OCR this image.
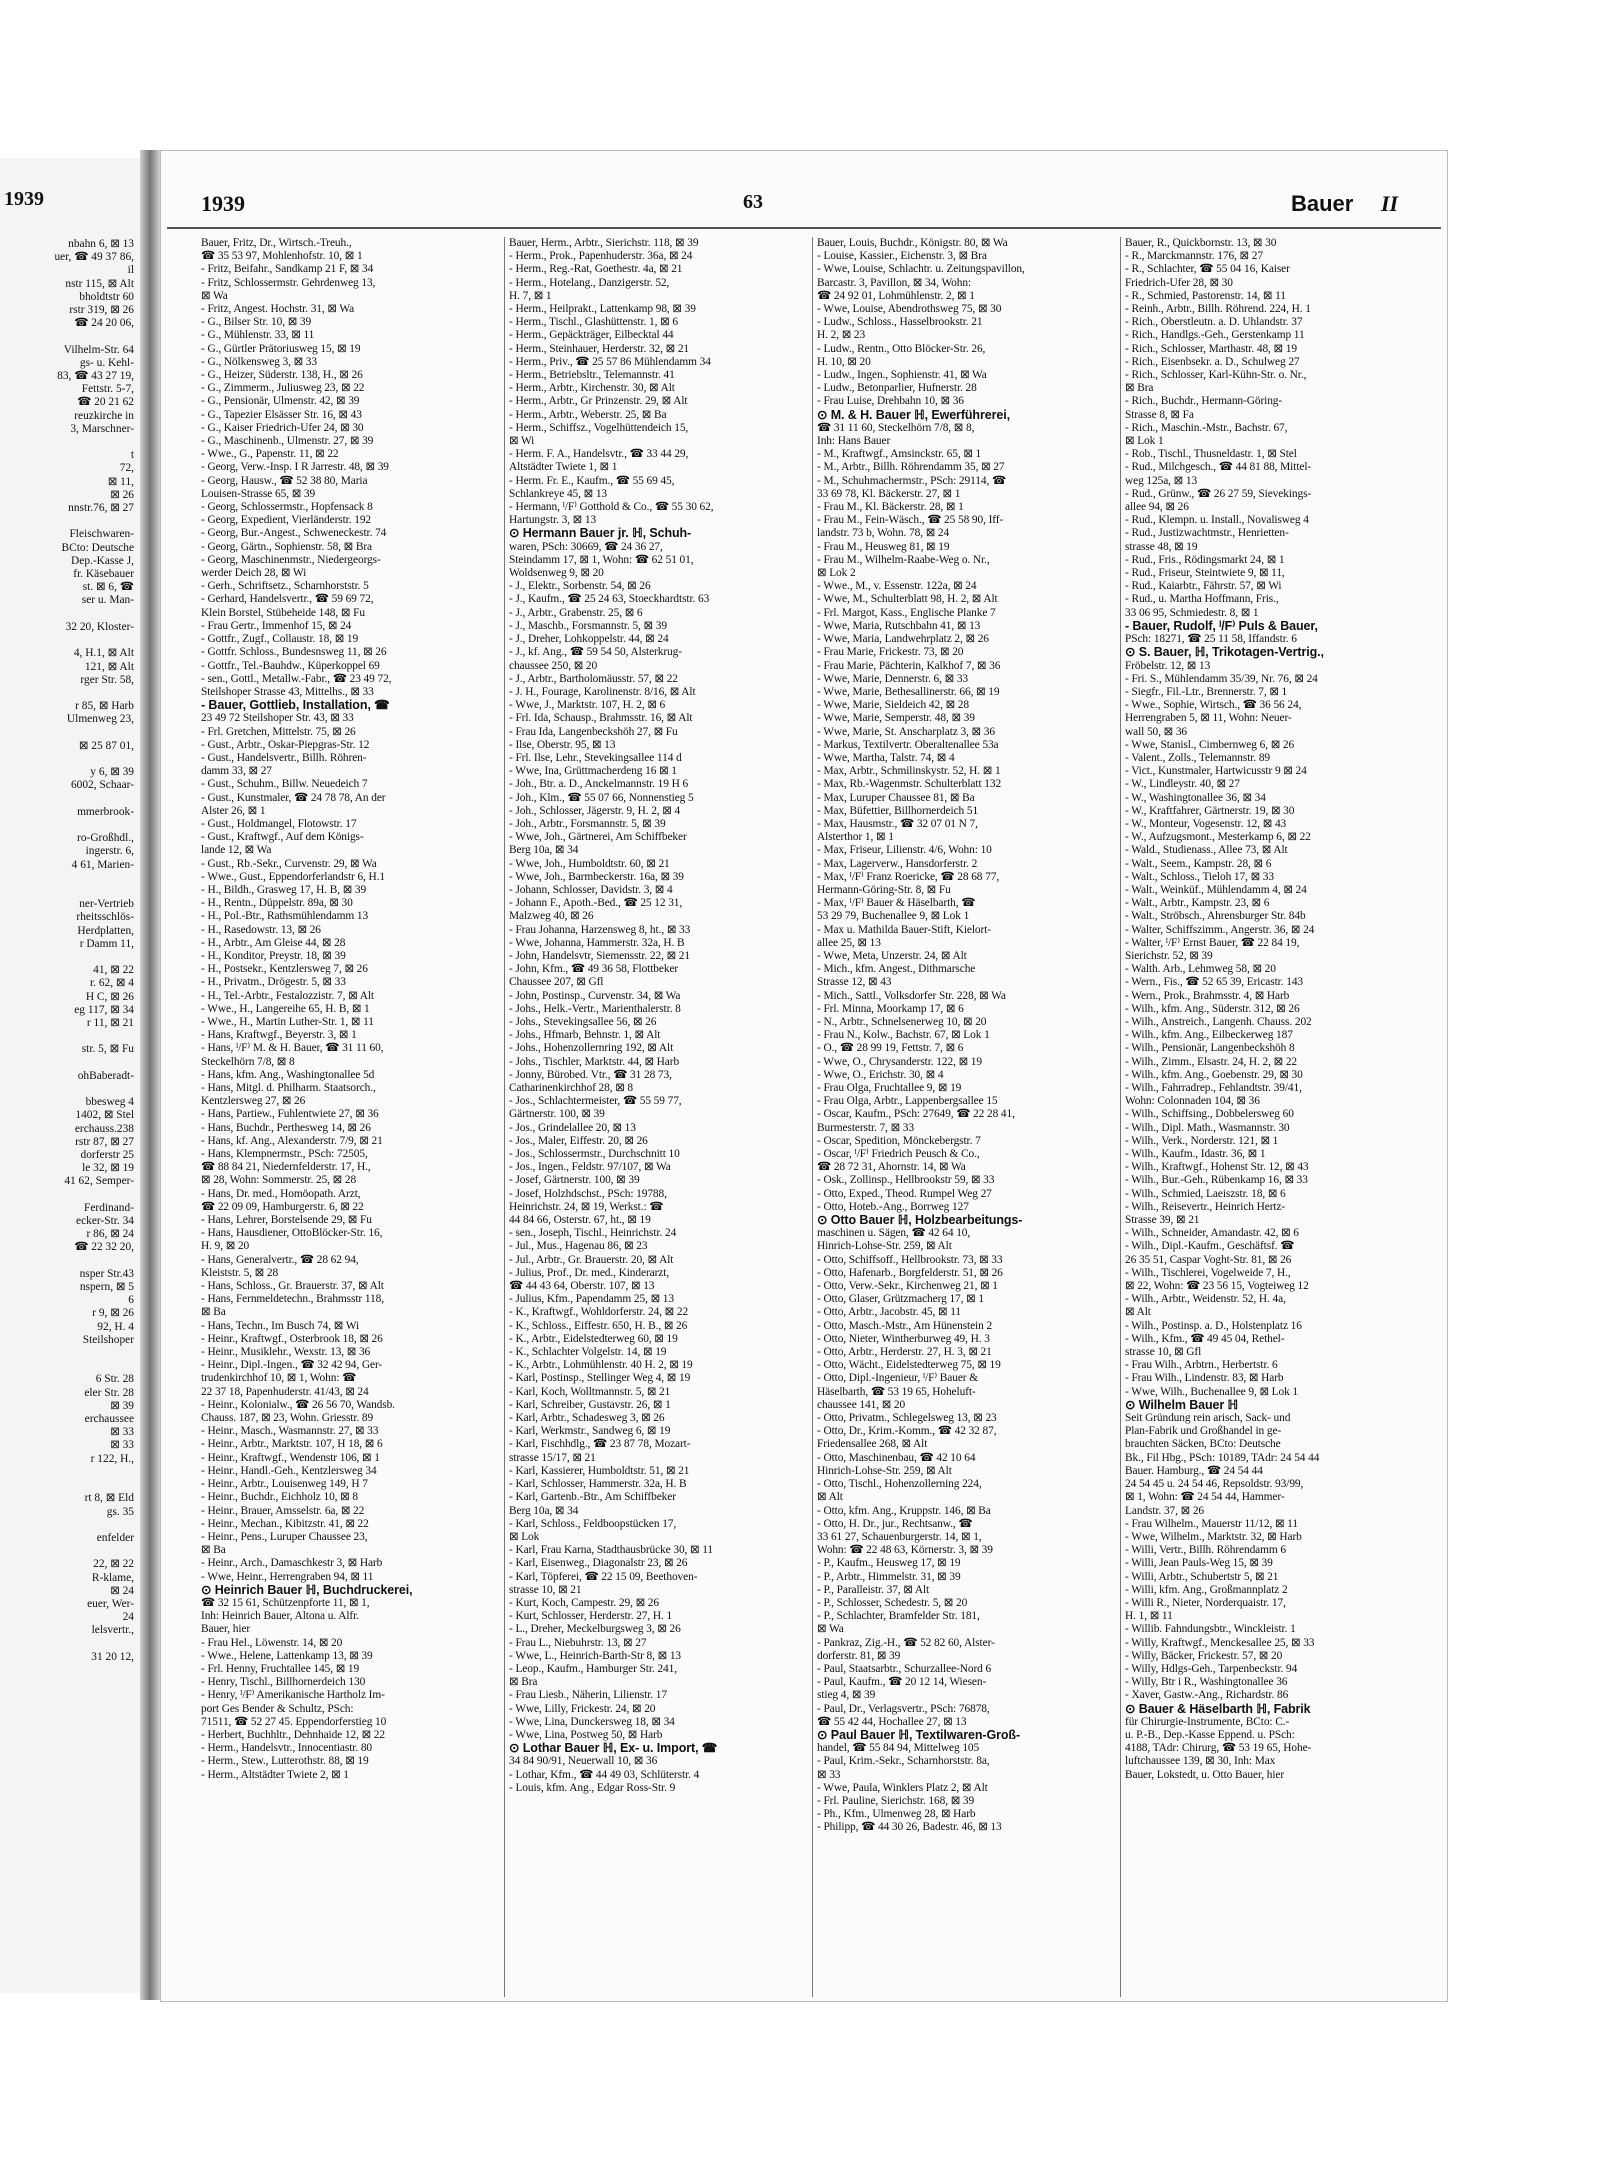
1939
nbahn 6, ⊠ 13
uer, ☎ 49 37 86,
il
nstr 115, ⊠ Alt
bholdtstr 60
rstr 319, ⊠ 26
☎ 24 20 06,

Vilhelm-Str. 64
gs- u. Kehl-
83, ☎ 43 27 19,
Fettstr. 5-7,
☎ 20 21 62
reuzkirche in
3, Marschner-

t
72,
⊠ 11,
⊠ 26
nnstr.76, ⊠ 27

Fleischwaren-
BCto: Deutsche
Dep.-Kasse J,
fr. Käsebauer
st. ⊠ 6, ☎
ser u. Man-

32 20, Kloster-

4, H.1, ⊠ Alt
121, ⊠ Alt
rger Str. 58,

r 85, ⊠ Harb
Ulmenweg 23,

⊠ 25 87 01,

y 6, ⊠ 39
6002, Schaar-

mmerbrook-

ro-Großhdl.,
ingerstr. 6,
4 61, Marien-

ner-Vertrieb
rheitsschlös-
Herdplatten,
r Damm 11,

41, ⊠ 22
r. 62, ⊠ 4
H C, ⊠ 26
eg 117, ⊠ 34
r 11, ⊠ 21

str. 5, ⊠ Fu

ohBaberadt-

bbesweg 4
1402, ⊠ Stel
erchauss.238
rstr 87, ⊠ 27
dorferstr 25
le 32, ⊠ 19
41 62, Semper-

Ferdinand-
ecker-Str. 34
r 86, ⊠ 24
☎ 22 32 20,

nsper Str.43
nspern, ⊠ 5
6
r 9, ⊠ 26
92, H. 4
Steilshoper

6 Str. 28
eler Str. 28
⊠ 39
erchaussee
⊠ 33
⊠ 33
r 122, H.,

rt 8, ⊠ Eld
gs. 35

enfelder

22, ⊠ 22
R-klame,
⊠ 24
euer, Wer-
24
lelsvertr.,

31 20 12,
1939	63	Bauer II
Bauer, Fritz, Dr., Wirtsch.-Treuh.,
☎ 35 53 97, Mohlenhofstr. 10, ⊠ 1
- Fritz, Beifahr., Sandkamp 21 F, ⊠ 34
- Fritz, Schlosserm​str. Gehrdenweg 13,
⊠ Wa
- Fritz, Angest. Hochstr. 31, ⊠ Wa
- G., Bilser Str. 10, ⊠ 39
- G., Mühlenstr. 33, ⊠ 11
- G., Gürtler Prätoriusweg 15, ⊠ 19
- G., Nölkensweg 3, ⊠ 33
- G., Heizer, Süderstr. 138, H., ⊠ 26
- G., Zimmerm., Juliusweg 23, ⊠ 22
- G., Pensionär, Ulmenstr. 42, ⊠ 39
- G., Tapezier Elsässer Str. 16, ⊠ 43
- G., Kaiser Friedrich-Ufer 24, ⊠ 30
- G., Maschinenb., Ulmenstr. 27, ⊠ 39
- Wwe., G., Papenstr. 11, ⊠ 22
- Georg, Verw.-Insp. I R Jarrestr. 48, ⊠ 39
- Georg, Hausw., ☎ 52 38 80, Maria
Louisen-Strasse 65, ⊠ 39
- Georg, Schlossermstr., Hopfensack 8
- Georg, Expedient, Vierländerstr. 192
- Georg, Bur.-Angest., Schweneckestr. 74
- Georg, Gärtn., Sophienstr. 58, ⊠ Bra
- Georg, Maschinenmstr., Niedergeorgs-
werder Deich 28, ⊠ Wi
- Gerh., Schriftsetz., Scharnhorststr. 5
- Gerhard, Handelsvertr., ☎ 59 69 72,
Klein Borstel, Stübeheide 148, ⊠ Fu
- Frau Gertr., Immenhof 15, ⊠ 24
- Gottfr., Zugf., Collaustr. 18, ⊠ 19
- Gottfr. Schloss., Bundesnsweg 11, ⊠ 26
- Gottfr., Tel.-Bauhdw., Küperkoppel 69
- sen., Gottl., Metallw.-Fabr., ☎ 23 49 72,
Steilshoper Strasse 43, Mittelhs., ⊠ 33
- Bauer, Gottlieb, Installation, ☎
23 49 72 Steilshoper Str. 43, ⊠ 33
- Frl. Gretchen, Mittelstr. 75, ⊠ 26
- Gust., Arbtr., Oskar-Piepgras-Str. 12
- Gust., Handelsvertr., Billh. Röhren-
damm 33, ⊠ 27
- Gust., Schuhm., Billw. Neuedeich 7
- Gust., Kunstmaler, ☎ 24 78 78, An der
Alster 26, ⊠ 1
- Gust., Holdmangel, Flotowstr. 17
- Gust., Kraftwgf., Auf dem Königs-
lande 12, ⊠ Wa
- Gust., Rb.-Sekr., Curvenstr. 29, ⊠ Wa
- Wwe., Gust., Eppendorferlandstr 6, H.1
- H., Bildh., Grasweg 17, H. B, ⊠ 39
- H., Rentn., Düppelstr. 89a, ⊠ 30
- H., Pol.-Btr., Rathsmühlendamm 13
- H., Rasedowstr. 13, ⊠ 26
- H., Arbtr., Am Gleise 44, ⊠ 28
- H., Konditor, Preystr. 18, ⊠ 39
- H., Postsekr., Kentzlersweg 7, ⊠ 26
- H., Privatm., Drögestr. 5, ⊠ 33
- H., Tel.-Arbtr., Festalozzistr. 7, ⊠ Alt
- Wwe., H., Langereihe 65, H. B, ⊠ 1
- Wwe., H., Martin Luther-Str. 1, ⊠ 11
- Hans, Kraftwgf., Beyerstr. 3, ⊠ 1
- Hans, ᴵ/F⁾ M. & H. Bauer, ☎ 31 11 60,
Steckelhörn 7/8, ⊠ 8
- Hans, kfm. Ang., Washingtonallee 5d
- Hans, Mitgl. d. Philharm. Staatsorch.,
Kentzlersweg 27, ⊠ 26
- Hans, Partiew., Fuhlentwiete 27, ⊠ 36
- Hans, Buchdr., Perthesweg 14, ⊠ 26
- Hans, kf. Ang., Alexanderstr. 7/9, ⊠ 21
- Hans, Klempnermstr., PSch: 72505,
☎ 88 84 21, Niedernfelderstr. 17, H.,
⊠ 28, Wohn: Sommerstr. 25, ⊠ 28
- Hans, Dr. med., Homöopath. Arzt,
☎ 22 09 09, Hamburgerstr. 6, ⊠ 22
- Hans, Lehrer, Borstelsende 29, ⊠ Fu
- Hans, Hausdiener, OttoBlöcker-Str. 16,
H. 9, ⊠ 20
- Hans, Generalvertr., ☎ 28 62 94,
Kleiststr. 5, ⊠ 28
- Hans, Schloss., Gr. Brauerstr. 37, ⊠ Alt
- Hans, Fernmeldetechn., Brahmsstr 118,
⊠ Ba
- Hans, Techn., Im Busch 74, ⊠ Wi
- Heinr., Kraftwgf., Osterbrook 18, ⊠ 26
- Heinr., Musiklehr., Wexstr. 13, ⊠ 36
- Heinr., Dipl.-Ingen., ☎ 32 42 94, Ger-
trudenkirchhof 10, ⊠ 1, Wohn: ☎
22 37 18, Papenhuderstr. 41/43, ⊠ 24
- Heinr., Kolonialw., ☎ 26 56 70, Wandsb.
Chauss. 187, ⊠ 23, Wohn. Griesstr. 89
- Heinr., Masch., Wasmannstr. 27, ⊠ 33
- Heinr., Arbtr., Marktstr. 107, H 18, ⊠ 6
- Heinr., Kraftwgf., Wendenstr 106, ⊠ 1
- Heinr., Handl.-Geh., Kentzlersweg 34
- Heinr., Arbtr., Louisenweg 149, H 7
- Heinr., Buchdr., Eichholz 10, ⊠ 8
- Heinr., Brauer, Amsselstr. 6a, ⊠ 22
- Heinr., Mechan., Kibitzstr. 41, ⊠ 22
- Heinr., Pens., Luruper Chaussee 23,
⊠ Ba
- Heinr., Arch., Damaschkestr 3, ⊠ Harb
- Wwe, Heinr., Herrengraben 94, ⊠ 11
⊙ Heinrich Bauer ℍ, Buchdruckerei,
☎ 32 15 61, Schützenpforte 11, ⊠ 1,
Inh: Heinrich Bauer, Altona u. Alfr.
Bauer, hier
- Frau Hel., Löwenstr. 14, ⊠ 20
- Wwe., Helene, Lattenkamp 13, ⊠ 39
- Frl. Henny, Fruchtallee 145, ⊠ 19
- Henry, Tischl., Billhornerdeich 130
- Henry, ᴵ/F⁾ Amerikanische Hartholz Im-
port Ges Bender & Schultz, PSch:
71511, ☎ 52 27 45. Eppendorferstieg 10
- Herbert, Buchhltr., Dehnhaide 12, ⊠ 22
- Herm., Handelsvtr., Innocentiastr. 80
- Herm., Stew., Lutterothstr. 88, ⊠ 19
- Herm., Altstädter Twiete 2, ⊠ 1
Bauer, Herm., Arbtr., Sierichstr. 118, ⊠ 39
- Herm., Prok., Papenhuderstr. 36a, ⊠ 24
- Herm., Reg.-Rat, Goethestr. 4a, ⊠ 21
- Herm., Hotelang., Danzigerstr. 52,
H. 7, ⊠ 1
- Herm., Heilprakt., Lattenkamp 98, ⊠ 39
- Herm., Tischl., Glashüttenstr. 1, ⊠ 6
- Herm., Gepäckträger, Eilbecktal 44
- Herm., Steinhauer, Herderstr. 32, ⊠ 21
- Herm., Priv., ☎ 25 57 86 Mühlendamm 34
- Herm., Betriebsltr., Telemannstr. 41
- Herm., Arbtr., Kirchenstr. 30, ⊠ Alt
- Herm., Arbtr., Gr Prinzenstr. 29, ⊠ Alt
- Herm., Arbtr., Weberstr. 25, ⊠ Ba
- Herm., Schiffsz., Vogelhüttendeich 15,
⊠ Wi
- Herm. F. A., Handelsvtr., ☎ 33 44 29,
Altstädter Twiete 1, ⊠ 1
- Herm. Fr. E., Kaufm., ☎ 55 69 45,
Schlankreye 45, ⊠ 13
- Hermann, ᴵ/F⁾ Gotthold & Co., ☎ 55 30 62,
Hartungstr. 3, ⊠ 13
⊙ Hermann Bauer jr. ℍ, Schuh-
waren, PSch: 30669, ☎ 24 36 27,
Steindamm 17, ⊠ 1, Wohn: ☎ 62 51 01,
Woldsenweg 9, ⊠ 20
- J., Elektr., Sorbenstr. 54, ⊠ 26
- J., Kaufm., ☎ 25 24 63, Stoeckhardtstr. 63
- J., Arbtr., Grabenstr. 25, ⊠ 6
- J., Maschb., Forsmannstr. 5, ⊠ 39
- J., Dreher, Lohkoppelstr. 44, ⊠ 24
- J., kf. Ang., ☎ 59 54 50, Alsterkrug-
chaussee 250, ⊠ 20
- J., Arbtr., Bartholomäusstr. 57, ⊠ 22
- J. H., Fourage, Karolinenstr. 8/16, ⊠ Alt
- Wwe, J., Marktstr. 107, H. 2, ⊠ 6
- Frl. Ida, Schausp., Brahmsstr. 16, ⊠ Alt
- Frau Ida, Langenbeckshöh 27, ⊠ Fu
- Ilse, Oberstr. 95, ⊠ 13
- Frl. Ilse, Lehr., Stevekingsallee 114 d
- Wwe, Ina, Grüttmacherdeng 16 ⊠ 1
- Joh., Btr. a. D., Anckelmannstr. 19 H 6
- Joh., Klm., ☎ 55 07 66, Nonnenstieg 5
- Joh., Schlosser, Jägerstr. 9, H. 2, ⊠ 4
- Joh., Arbtr., Forsmannstr. 5, ⊠ 39
- Wwe, Joh., Gärtnerei, Am Schiffbeker
Berg 10a, ⊠ 34
- Wwe, Joh., Humboldtstr. 60, ⊠ 21
- Wwe, Joh., Barmbeckerstr. 16a, ⊠ 39
- Johann, Schlosser, Davidstr. 3, ⊠ 4
- Johann F., Apoth.-Bed., ☎ 25 12 31,
Malzweg 40, ⊠ 26
- Frau Johanna, Harzensweg 8, ht., ⊠ 33
- Wwe, Johanna, Hammerstr. 32a, H. B
- John, Handelsvtr, Siemensstr. 22, ⊠ 21
- John, Kfm., ☎ 49 36 58, Flottbeker
Chaussee 207, ⊠ Gfl
- John, Postinsp., Curvenstr. 34, ⊠ Wa
- Johs., Helk.-Vertr., Marienthalerstr. 8
- Johs., Stevekingsallee 56, ⊠ 26
- Johs., Hfmarb, Behnstr. 1, ⊠ Alt
- Johs., Hohenzollernring 192, ⊠ Alt
- Johs., Tischler, Marktstr. 44, ⊠ Harb
- Jonny, Bürobed. Vtr., ☎ 31 28 73,
Catharinenkirchhof 28, ⊠ 8
- Jos., Schlachtermeister, ☎ 55 59 77,
Gärtnerstr. 100, ⊠ 39
- Jos., Grindelallee 20, ⊠ 13
- Jos., Maler, Eiffestr. 20, ⊠ 26
- Jos., Schlossermstr., Durchschnitt 10
- Jos., Ingen., Feldstr. 97/107, ⊠ Wa
- Josef, Gärtnerstr. 100, ⊠ 39
- Josef, Holzhdschst., PSch: 19788,
Heinrichstr. 24, ⊠ 19, Werkst.: ☎
44 84 66, Osterstr. 67, ht., ⊠ 19
- sen., Joseph, Tischl., Heinrichstr. 24
- Jul., Mus., Hagenau 86, ⊠ 23
- Jul., Arbtr., Gr. Brauerstr. 20, ⊠ Alt
- Julius, Prof., Dr. med., Kinderarzt,
☎ 44 43 64, Oberstr. 107, ⊠ 13
- Julius, Kfm., Papendamm 25, ⊠ 13
- K., Kraftwgf., Wohldorferstr. 24, ⊠ 22
- K., Schloss., Eiffestr. 650, H. B., ⊠ 26
- K., Arbtr., Eidelstedterweg 60, ⊠ 19
- K., Schlachter Volgelstr. 14, ⊠ 19
- K., Arbtr., Lohmühlenstr. 40 H. 2, ⊠ 19
- Karl, Postinsp., Stellinger Weg 4, ⊠ 19
- Karl, Koch, Wolltmannstr. 5, ⊠ 21
- Karl, Schreiber, Gustavstr. 26, ⊠ 1
- Karl, Arbtr., Schadesweg 3, ⊠ 26
- Karl, Werkmstr., Sandweg 6, ⊠ 19
- Karl, Fischhdlg., ☎ 23 87 78, Mozart-
strasse 15/17, ⊠ 21
- Karl, Kassierer, Humboldtstr. 51, ⊠ 21
- Karl, Schlosser, Hammerstr. 32a, H. B
- Karl, Gartenb.-Btr., Am Schiffbeker
Berg 10a, ⊠ 34
- Karl, Schloss., Feldboopstücken 17,
⊠ Lok
- Karl, Frau Karna, Stadthausbrücke 30, ⊠ 11
- Karl, Eisenweg., Diagonalstr 23, ⊠ 26
- Karl, Töpferei, ☎ 22 15 09, Beethoven-
strasse 10, ⊠ 21
- Kurt, Koch, Campestr. 29, ⊠ 26
- Kurt, Schlosser, Herderstr. 27, H. 1
- L., Dreher, Meckelburgsweg 3, ⊠ 26
- Frau L., Niebuhrstr. 13, ⊠ 27
- Wwe, L., Heinrich-Barth-Str 8, ⊠ 13
- Leop., Kaufm., Hamburger Str. 241,
⊠ Bra
- Frau Liesb., Näherin, Lilienstr. 17
- Wwe, Lilly, Frickestr. 24, ⊠ 20
- Wwe, Lina, Dunckersweg 18, ⊠ 34
- Wwe, Lina, Postweg 50, ⊠ Harb
⊙ Lothar Bauer ℍ, Ex- u. Import, ☎
34 84 90/91, Neuerwall 10, ⊠ 36
- Lothar, Kfm., ☎ 44 49 03, Schlüterstr. 4
- Louis, kfm. Ang., Edgar Ross-Str. 9
Bauer, Louis, Buchdr., Königstr. 80, ⊠ Wa
- Louise, Kassier., Eichenstr. 3, ⊠ Bra
- Wwe, Louise, Schlachtr. u. Zeitungspavillon,
Barcastr. 3, Pavillon, ⊠ 34, Wohn:
☎ 24 92 01, Lohmühlenstr. 2, ⊠ 1
- Wwe, Louise, Abendrothsweg 75, ⊠ 30
- Ludw., Schloss., Hasselbrookstr. 21
H. 2, ⊠ 23
- Ludw., Rentn., Otto Blöcker-Str. 26,
H. 10, ⊠ 20
- Ludw., Ingen., Sophienstr. 41, ⊠ Wa
- Ludw., Betonparlier, Hufnerstr. 28
- Frau Luise, Drehbahn 10, ⊠ 36
⊙ M. & H. Bauer ℍ, Ewerführerei,
☎ 31 11 60, Steckelhörn 7/8, ⊠ 8,
Inh: Hans Bauer
- M., Kraftwgf., Amsinckstr. 65, ⊠ 1
- M., Arbtr., Billh. Röhrendamm 35, ⊠ 27
- M., Schuhmachermstr., PSch: 29114, ☎
33 69 78, Kl. Bäckerstr. 27, ⊠ 1
- Frau M., Kl. Bäckerstr. 28, ⊠ 1
- Frau M., Fein-Wäsch., ☎ 25 58 90, Iff-
landstr. 73 b, Wohn. 78, ⊠ 24
- Frau M., Heusweg 81, ⊠ 19
- Frau M., Wilhelm-Raabe-Weg o. Nr.,
⊠ Lok 2
- Wwe., M., v. Essenstr. 122a, ⊠ 24
- Wwe, M., Schulterblatt 98, H. 2, ⊠ Alt
- Frl. Margot, Kass., Englische Planke 7
- Wwe, Maria, Rutschbahn 41, ⊠ 13
- Wwe, Maria, Landwehrplatz 2, ⊠ 26
- Frau Marie, Frickestr. 73, ⊠ 20
- Frau Marie, Pächterin, Kalkhof 7, ⊠ 36
- Wwe, Marie, Dennerstr. 6, ⊠ 33
- Wwe, Marie, Bethesallinerstr. 66, ⊠ 19
- Wwe, Marie, Sieldeich 42, ⊠ 28
- Wwe, Marie, Semperstr. 48, ⊠ 39
- Wwe, Marie, St. Anscharplatz 3, ⊠ 36
- Markus, Textilvertr. Oberaltenallee 53a
- Wwe, Martha, Talstr. 74, ⊠ 4
- Max, Arbtr., Schmilinskystr. 52, H. ⊠ 1
- Max, Rb.-Wagenmstr. Schulterblatt 132
- Max, Luruper Chaussee 81, ⊠ Ba
- Max, Büfettier, Billhornerdeich 51
- Max, Hausmstr., ☎ 32 07 01 N 7,
Alsterthor 1, ⊠ 1
- Max, Friseur, Lilienstr. 4/6, Wohn: 10
- Max, Lagerverw., Hansdorferstr. 2
- Max, ᴵ/F⁾ Franz Roericke, ☎ 28 68 77,
Hermann-Göring-Str. 8, ⊠ Fu
- Max, ᴵ/F⁾ Bauer & Häselbarth, ☎
53 29 79, Buchenallee 9, ⊠ Lok 1
- Max u. Mathilda Bauer-Stift, Kielort-
allee 25, ⊠ 13
- Wwe, Meta, Unzerstr. 24, ⊠ Alt
- Mich., kfm. Angest., Dithmarsche
Strasse 12, ⊠ 43
- Mich., Sattl., Volksdorfer Str. 228, ⊠ Wa
- Frl. Minna, Moorkamp 17, ⊠ 6
- N., Arbtr., Schnelsenerweg 10, ⊠ 20
- Frau N., Kolw., Bachstr. 67, ⊠ Lok 1
- O., ☎ 28 99 19, Fettstr. 7, ⊠ 6
- Wwe, O., Chrysanderstr. 122, ⊠ 19
- Wwe, O., Erichstr. 30, ⊠ 4
- Frau Olga, Fruchtallee 9, ⊠ 19
- Frau Olga, Arbtr., Lappenbergsallee 15
- Oscar, Kaufm., PSch: 27649, ☎ 22 28 41,
Burmesterstr. 7, ⊠ 33
- Oscar, Spedition, Mönckebergstr. 7
- Oscar, ᴵ/F⁾ Friedrich Peusch & Co.,
☎ 28 72 31, Ahornstr. 14, ⊠ Wa
- Osk., Zollinsp., Hellbrookstr 59, ⊠ 33
- Otto, Exped., Theod. Rumpel Weg 27
- Otto, Hoteb.-Ang., Borrweg 127
⊙ Otto Bauer ℍ, Holzbearbeitungs-
maschinen u. Sägen, ☎ 42 64 10,
Hinrich-Lohse-Str. 259, ⊠ Alt
- Otto, Schiffsoff., Hellbrookstr. 73, ⊠ 33
- Otto, Hafenarb., Borgfelderstr. 51, ⊠ 26
- Otto, Verw.-Sekr., Kirchenweg 21, ⊠ 1
- Otto, Glaser, Grützmacherg 17, ⊠ 1
- Otto, Arbtr., Jacobstr. 45, ⊠ 11
- Otto, Masch.-Mstr., Am Hünenstein 2
- Otto, Nieter, Wintherburweg 49, H. 3
- Otto, Arbtr., Herderstr. 27, H. 3, ⊠ 21
- Otto, Wächt., Eidelstedterweg 75, ⊠ 19
- Otto, Dipl.-Ingenieur, ᴵ/F⁾ Bauer &
Häselbarth, ☎ 53 19 65, Hoheluft-
chaussee 141, ⊠ 20
- Otto, Privatm., Schlegelsweg 13, ⊠ 23
- Otto, Dr., Krim.-Komm., ☎ 42 32 87,
Friedensallee 268, ⊠ Alt
- Otto, Maschinenbau, ☎ 42 10 64
Hinrich-Lohse-Str. 259, ⊠ Alt
- Otto, Tischl., Hohenzollerning 224,
⊠ Alt
- Otto, kfm. Ang., Kruppstr. 146, ⊠ Ba
- Otto, H. Dr., jur., Rechtsanw., ☎
33 61 27, Schauenburgerstr. 14, ⊠ 1,
Wohn: ☎ 22 48 63, Körnerstr. 3, ⊠ 39
- P., Kaufm., Heusweg 17, ⊠ 19
- P., Arbtr., Himmelstr. 31, ⊠ 39
- P., Paralleistr. 37, ⊠ Alt
- P., Schlosser, Schedestr. 5, ⊠ 20
- P., Schlachter, Bramfelder Str. 181,
⊠ Wa
- Pankraz, Zig.-H., ☎ 52 82 60, Alster-
dorferstr. 81, ⊠ 39
- Paul, Staatsarbtr., Schurzallee-Nord 6
- Paul, Kaufm., ☎ 20 12 14, Wiesen-
stieg 4, ⊠ 39
- Paul, Dr., Verlagsvertr., PSch: 76878,
☎ 55 42 44, Hochallee 27, ⊠ 13
⊙ Paul Bauer ℍ, Textilwaren-Groß-
handel, ☎ 55 84 94, Mittelweg 105
- Paul, Krim.-Sekr., Scharnhorststr. 8a,
⊠ 33
- Wwe, Paula, Winklers Platz 2, ⊠ Alt
- Frl. Pauline, Sierichstr. 168, ⊠ 39
- Ph., Kfm., Ulmenweg 28, ⊠ Harb
- Philipp, ☎ 44 30 26, Badestr. 46, ⊠ 13
Bauer, R., Quickbornstr. 13, ⊠ 30
- R., Marckmannstr. 176, ⊠ 27
- R., Schlachter, ☎ 55 04 16, Kaiser
Friedrich-Ufer 28, ⊠ 30
- R., Schmied, Pastorenstr. 14, ⊠ 11
- Reinh., Arbtr., Billh. Röhrend. 224, H. 1
- Rich., Oberstleutn. a. D. Uhlandstr. 37
- Rich., Handlgs.-Geh., Gerstenkamp 11
- Rich., Schlosser, Marthastr. 48, ⊠ 19
- Rich., Eisenbsekr. a. D., Schulweg 27
- Rich., Schlosser, Karl-Kühn-Str. o. Nr.,
⊠ Bra
- Rich., Buchdr., Hermann-Göring-
Strasse 8, ⊠ Fa
- Rich., Maschin.-Mstr., Bachstr. 67,
⊠ Lok 1
- Rob., Tischl., Thusneldastr. 1, ⊠ Stel
- Rud., Milchgesch., ☎ 44 81 88, Mittel-
weg 125a, ⊠ 13
- Rud., Grünw., ☎ 26 27 59, Sievekings-
allee 94, ⊠ 26
- Rud., Klempn. u. Install., Novalisweg 4
- Rud., Justizwachtmstr., Henrietten-
strasse 48, ⊠ 19
- Rud., Fris., Rödingsmarkt 24, ⊠ 1
- Rud., Friseur, Steintwiete 9, ⊠ 11,
- Rud., Kaiarbtr., Fährstr. 57, ⊠ Wi
- Rud., u. Martha Hoffmann, Fris.,
33 06 95, Schmiedestr. 8, ⊠ 1
- Bauer, Rudolf, ᴵ/F⁾ Puls & Bauer,
PSch: 18271, ☎ 25 11 58, Iffandstr. 6
⊙ S. Bauer, ℍ, Trikotagen-Vertrig.,
Fröbelstr. 12, ⊠ 13
- Fri. S., Mühlendamm 35/39, Nr. 76, ⊠ 24
- Siegfr., Fil.-Ltr., Brennerstr. 7, ⊠ 1
- Wwe., Sophie, Wirtsch., ☎ 36 56 24,
Herrengraben 5, ⊠ 11, Wohn: Neuer-
wall 50, ⊠ 36
- Wwe, Stanisl., Cimbernweg 6, ⊠ 26
- Valent., Zolls., Telemannstr. 89
- Vict., Kunstmaler, Hartwicusstr 9 ⊠ 24
- W., Lindleystr. 40, ⊠ 27
- W., Washingtonallee 36, ⊠ 34
- W., Kraftfahrer, Gärtnerstr. 19, ⊠ 30
- W., Monteur, Vogesenstr. 12, ⊠ 43
- W., Aufzugsmont., Mesterkamp 6, ⊠ 22
- Wald., Studienass., Allee 73, ⊠ Alt
- Walt., Seem., Kampstr. 28, ⊠ 6
- Walt., Schloss., Tieloh 17, ⊠ 33
- Walt., Weinküf., Mühlendamm 4, ⊠ 24
- Walt., Arbtr., Kampstr. 23, ⊠ 6
- Walt., Ströbsch., Ahrensburger Str. 84b
- Walter, Schiffszimm., Angerstr. 36, ⊠ 24
- Walter, ᴵ/F⁾ Ernst Bauer, ☎ 22 84 19,
Sierichstr. 52, ⊠ 39
- Walth. Arb., Lehmweg 58, ⊠ 20
- Wern., Fis., ☎ 52 65 39, Ericastr. 143
- Wern., Prok., Brahmsstr. 4, ⊠ Harb
- Wilh., kfm. Ang., Süderstr. 312, ⊠ 26
- Wilh., Anstreich., Langenh. Chauss. 202
- Wilh., kfm. Ang., Eilbeckerweg 187
- Wilh., Pensionär, Langenbeckshöh 8
- Wilh., Zimm., Elsastr. 24, H. 2, ⊠ 22
- Wilh., kfm. Ang., Goebenstr. 29, ⊠ 30
- Wilh., Fahrradrep., Fehlandtstr. 39/41,
Wohn: Colonnaden 104, ⊠ 36
- Wilh., Schiffsing., Dobbelersweg 60
- Wilh., Dipl. Math., Wasmannstr. 30
- Wilh., Verk., Norderstr. 121, ⊠ 1
- Wilh., Kaufm., Idastr. 36, ⊠ 1
- Wilh., Kraftwgf., Hohenst Str. 12, ⊠ 43
- Wilh., Bur.-Geh., Rübenkamp 16, ⊠ 33
- Wilh., Schmied, Laeiszstr. 18, ⊠ 6
- Wilh., Reisevertr., Heinrich Hertz-
Strasse 39, ⊠ 21
- Wilh., Schneider, Amandastr. 42, ⊠ 6
- Wilh., Dipl.-Kaufm., Geschäftsf. ☎
26 35 51, Caspar Voght-Str. 81, ⊠ 26
- Wilh., Tischlerei, Vogelweide 7, H.,
⊠ 22, Wohn: ☎ 23 56 15, Vogteiweg 12
- Wilh., Arbtr., Weidenstr. 52, H. 4a,
⊠ Alt
- Wilh., Postinsp. a. D., Holstenplatz 16
- Wilh., Kfm., ☎ 49 45 04, Rethel-
strasse 10, ⊠ Gfl
- Frau Wilh., Arbtrn., Herbertstr. 6
- Frau Wilh., Lindenstr. 83, ⊠ Harb
- Wwe, Wilh., Buchenallee 9, ⊠ Lok 1
⊙ Wilhelm Bauer ℍ
Seit Gründung rein arisch, Sack- und
Plan-Fabrik und Großhandel in ge-
brauchten Säcken, BCto: Deutsche
Bk., Fil Hbg., PSch: 10189, TAdr: 24 54 44
Bauer. Hamburg., ☎ 24 54 44
24 54 45 u. 24 54 46, Repsoldstr. 93/99,
⊠ 1, Wohn: ☎ 24 54 44, Hammer-
Landstr. 37, ⊠ 26
- Frau Wilhelm., Mauerstr 11/12, ⊠ 11
- Wwe, Wilhelm., Marktstr. 32, ⊠ Harb
- Willi, Vertr., Billh. Röhrendamm 6
- Willi, Jean Pauls-Weg 15, ⊠ 39
- Willi, Arbtr., Schubertstr 5, ⊠ 21
- Willi, kfm. Ang., Großmannplatz 2
- Willi R., Nieter, Norderquaistr. 17,
H. 1, ⊠ 11
- Willib. Fahndungsbtr., Winckleistr. 1
- Willy, Kraftwgf., Menckesallee 25, ⊠ 33
- Willy, Bäcker, Frickestr. 57, ⊠ 20
- Willy, Hdlgs-Geh., Tarpenbeckstr. 94
- Willy, Btr i R., Washingtonallee 36
- Xaver, Gastw.-Ang., Richardstr. 86
⊙ Bauer & Häselbarth ℍ, Fabrik
für Chirurgie-Instrumente, BCto: C.-
u. P.-B., Dep.-Kasse Eppend. u. PSch:
4188, TAdr: Chirurg, ☎ 53 19 65, Hohe-
luftchaussee 139, ⊠ 30, Inh: Max
Bauer, Lokstedt, u. Otto Bauer, hier
